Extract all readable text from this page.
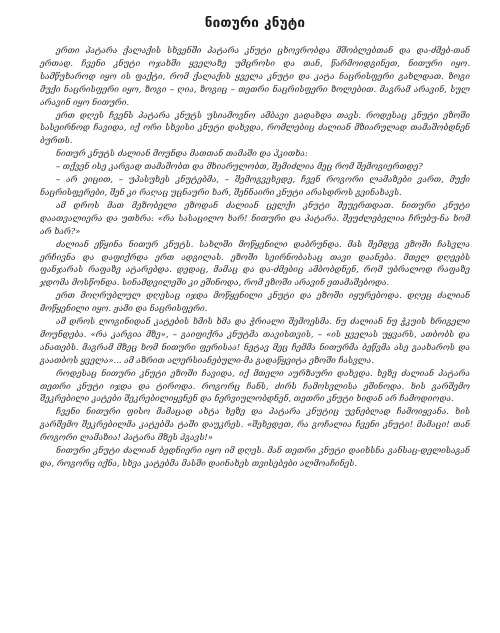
ნითური კნუტი

ერთი პატარა ქალაქის სხვენში პატარა კნუტი ცხოვრობდა მშობლებთან და და-ძმებ-თან ერთად. ჩვენი კნუტი ოჯახში ყველაზე უმცროსი და თან, წარმოიდგინეთ, ნითური იყო. სამწუხაროდ იყო ის ფაქტი, რომ ქალაქის ყველა კნუტი და კატა ნაცრისფერი გახლდათ. ზოგი მუქი ნაცრისფერი იყო, ზოგი – ღია, ზოგიც – თეთრი ნაცრისფერი ზოლებით. მაგრამ არავინ, სულ არავინ იყო ნითური.

ერთ დღეს ჩვენს პატარა კნუტს უსიამოვნო ამბავი გადახდა თავს. როდესაც კნუტი ეზოში სასეირნოდ ჩავიდა, იქ ორი სხვისი კნუტი დახვდა, რომლებიც ძალიან მზიარულად თამაშობდნენ ბურთს.

ნითურ კნუტს ძალიან მოუნდა მათთან თამაში და ჰკითხა:

– თქვენ ისე კარგად თამაშობთ და მხიარულობთ, შემიძლია მეც რომ შემოგიერთდე?

– არ ვიცით, – უპასუხეს კნუტებმა, – შემოგვეხედე, ჩვენ როგორი ლამაზები ვართ, მუქი ნაცრისფერები, შენ კი რაღაც უცნაური ხარ, შენნაირი კნუტი არასდროს გვინახავს.

ამ დროს მათ მეზობელი ეზოდან ძალიან ცელქი კნუტი შეუერთდათ. ნითური კნუტი დაათვალიერა და უთხრა: «რა სასაცილო ხარ! ნითური და პატარა. შეუძლებელია ჩრუბუ-ნა ხომ არ ხარ?»

ძალიან ეწყინა ნითურ კნუტს. სახლში მოწყენილი დაბრუნდა. მას შემდეგ ეზოში ჩასვლა ერჩივნა და დაფიქრდა ერთ ადგილას. ეზოში სეირნობასაც თავი დაანება. მთელ დღეებს ფანჯარას რაფაზე ატარებდა. დედაც, მამაც და და-ძმებიც ამბობდნენ, რომ უბრალოდ რაფაზე ჯდომა მოსწონდა. სინამდვილეში კი ეშინოდა, რომ ეზოში არავინ ეთამაშებოდა.

ერთ მოღრუბლულ დღესაც იჯდა მოწყენილი კნუტი და ეზოში იყურებოდა. დღეც ძალიან მოწყენილი იყო. ჟამი და ნაცრისფერი.

ამ დროს ლოგინიდან კატების ხმის ხმა და ჭრიალი შემოესმა. ნუ ძალიან ნუ ჭკუის ხრიგელი მოუნდება. «რა კარგია მზე», – გაიფიქრა კნუტმა თავისთვის, – «ის ყველას უყვარს, ათბობს და ანათებს. მაგრამ მზეც ხომ ნითური ფერისაა! ნეტავ მეც ჩემმა ნითურმა ბეწვმა ასე გაახაროს და გაათბოს ყველა»... ამ აზრით ალერსიანებული-მა გადაწყვიტა ეზოში ჩასვლა.

როდესაც ნითური კნუტი ეზოში ჩავიდა, იქ მთელი აურზაური დახვდა. ხეზე ძალიან პატარა თეთრი კნუტი იჯდა და ტიროდა. როგორც ჩანს, ძირს ჩამოსვლისა ეშინოდა. ხის გარშემო შეკრებილი კატები შეკრებილიყვნენ და ნერვიულობდნენ, თეთრი კნუტი ხიდან არ ჩამოდიოდა.

ჩვენი ნითური ფისო მამაცად ახტა ხეზე და პატარა კნუტიც უვნებლად ჩამოიყვანა. ხის გარშემო შეკრებილმა კატებმა ტაში დაუკრეს. «შეხედეთ, რა გოჩალია ჩვენი კნუტი! მამაცი! თან როგორი ლამაზია! პატარა მზეს ჰგავს!»

ნითური კნუტი ძალიან ბედნიერი იყო იმ დღეს. მან თეთრი კნუტი დაიხსნა განსაც-დელისაგან და, როგორც იქნა, სხვა კატებმა მასში დაინახეს თვისებები ალმოაჩინეს.
